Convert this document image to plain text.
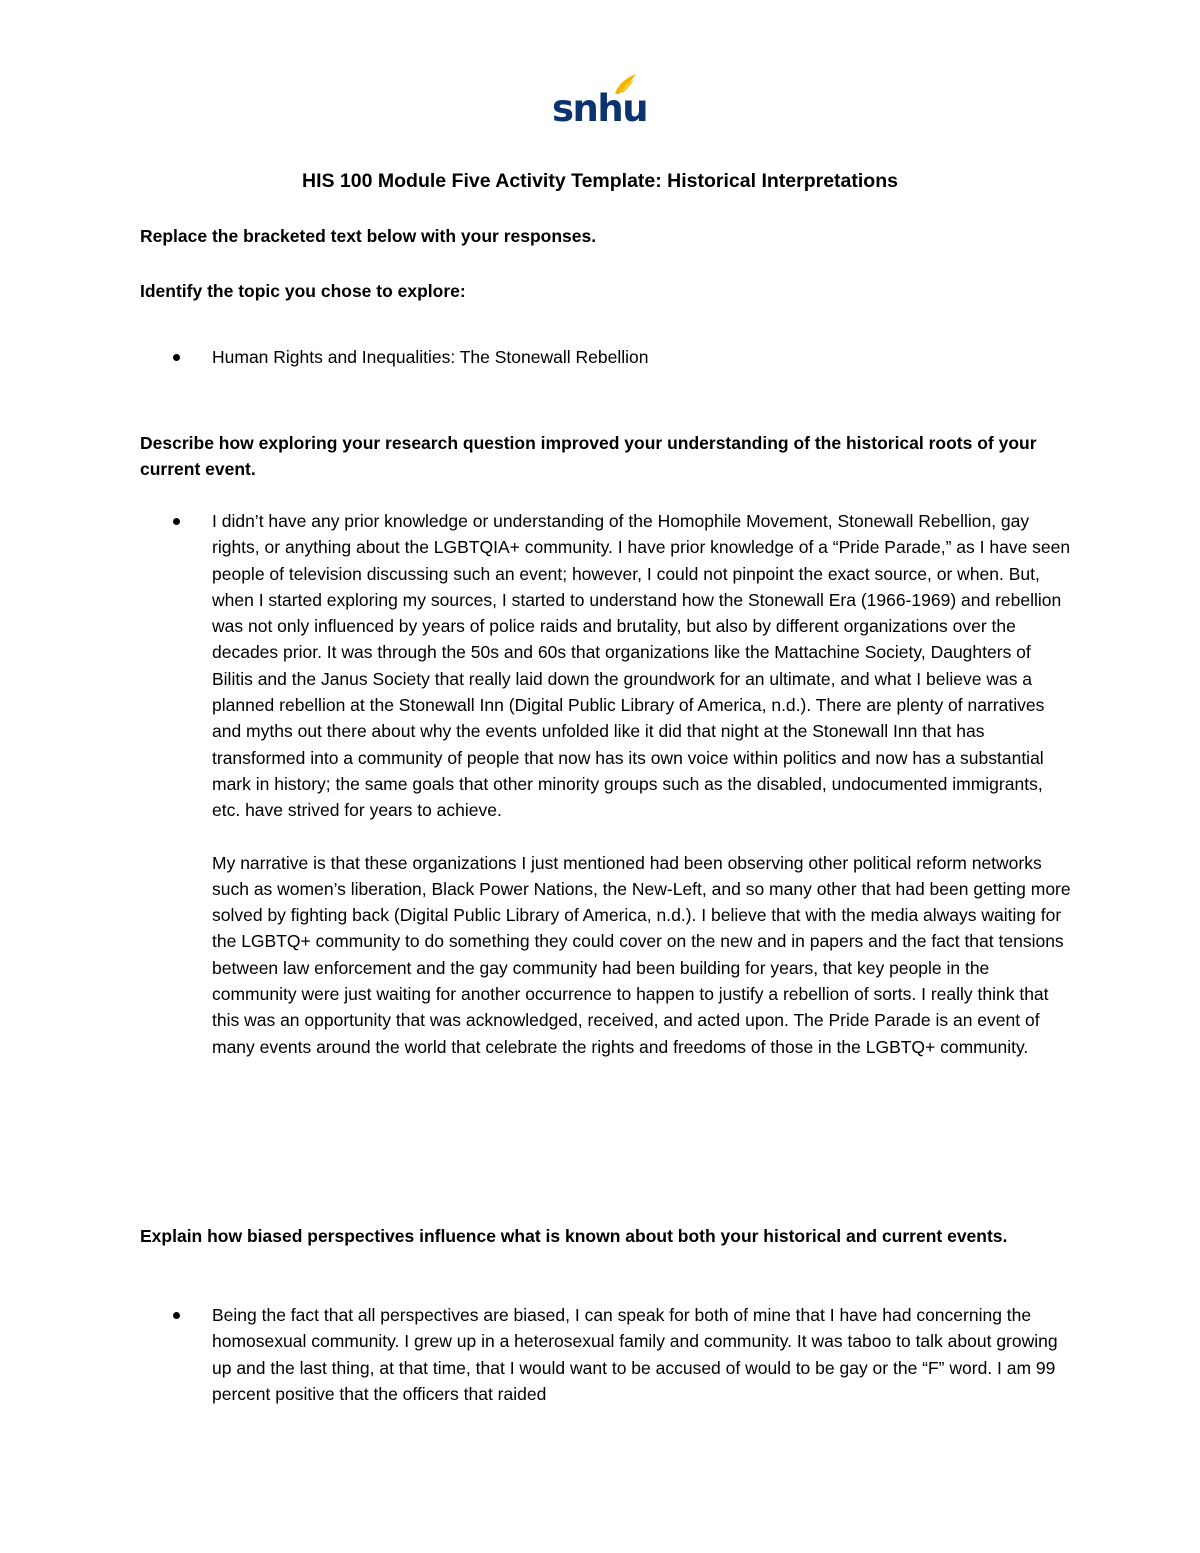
snhu
HIS 100 Module Five Activity Template: Historical Interpretations
Replace the bracketed text below with your responses.
Identify the topic you chose to explore:

Human Rights and Inequalities: The Stonewall Rebellion

Describe how exploring your research question improved your understanding of the historical roots of your current event.

I didn’t have any prior knowledge or understanding of the Homophile Movement, Stonewall Rebellion, gay rights, or anything about the LGBTQIA+ community. I have prior knowledge of a “Pride Parade,” as I have seen people of television discussing such an event; however, I could not pinpoint the exact source, or when. But, when I started exploring my sources, I started to understand how the Stonewall Era (1966-1969) and rebellion was not only influenced by years of police raids and brutality, but also by different organizations over the decades prior. It was through the 50s and 60s that organizations like the Mattachine Society, Daughters of Bilitis and the Janus Society that really laid down the groundwork for an ultimate, and what I believe was a planned rebellion at the Stonewall Inn (Digital Public Library of America, n.d.). There are plenty of narratives and myths out there about why the events unfolded like it did that night at the Stonewall Inn that has transformed into a community of people that now has its own voice within politics and now has a substantial mark in history; the same goals that other minority groups such as the disabled, undocumented immigrants, etc. have strived for years to achieve.

My narrative is that these organizations I just mentioned had been observing other political reform networks such as women’s liberation, Black Power Nations, the New-Left, and so many other that had been getting more solved by fighting back (Digital Public Library of America, n.d.). I believe that with the media always waiting for the LGBTQ+ community to do something they could cover on the new and in papers and the fact that tensions between law enforcement and the gay community had been building for years, that key people in the community were just waiting for another occurrence to happen to justify a rebellion of sorts. I really think that this was an opportunity that was acknowledged, received, and acted upon. The Pride Parade is an event of many events around the world that celebrate the rights and freedoms of those in the LGBTQ+ community.

Explain how biased perspectives influence what is known about both your historical and current events.

Being the fact that all perspectives are biased, I can speak for both of mine that I have had concerning the homosexual community. I grew up in a heterosexual family and community. It was taboo to talk about growing up and the last thing, at that time, that I would want to be accused of would to be gay or the “F” word. I am 99 percent positive that the officers that raided
